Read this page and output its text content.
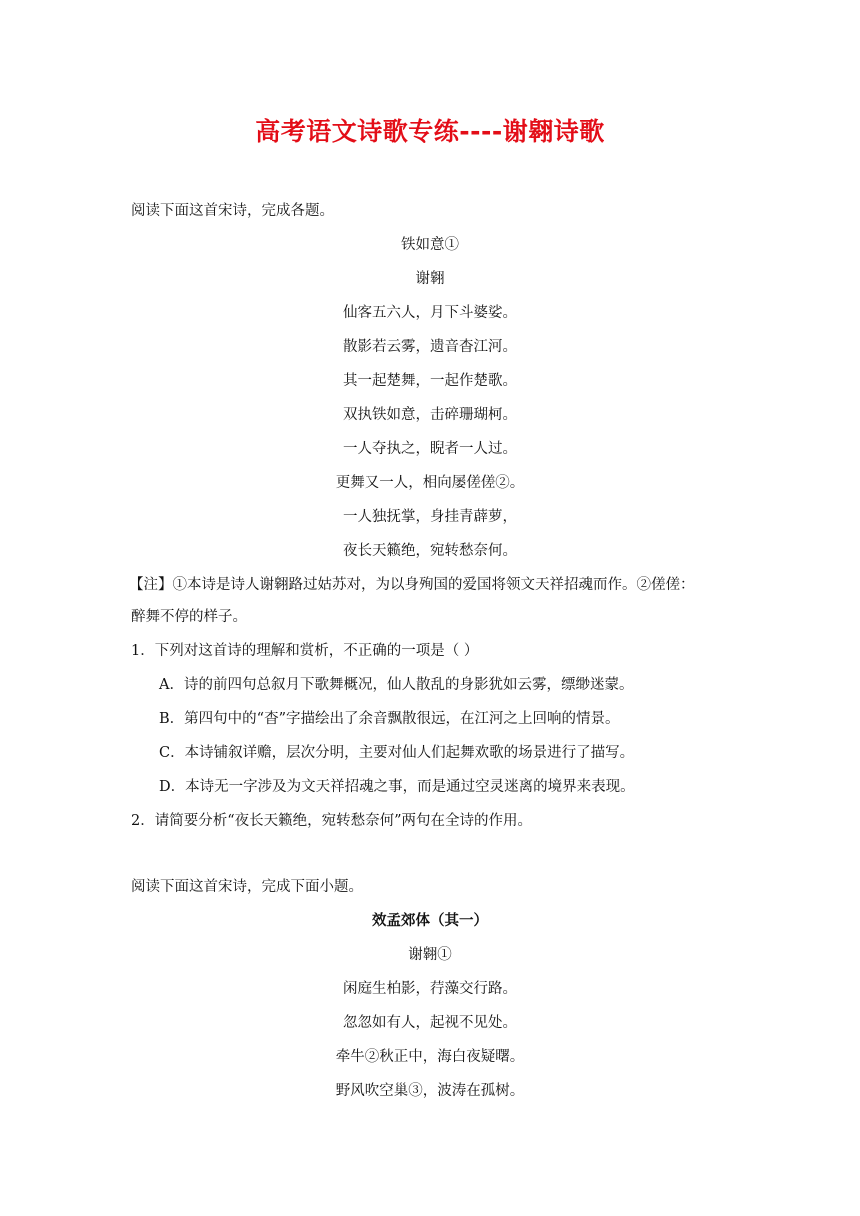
高考语文诗歌专练----谢翱诗歌
阅读下面这首宋诗，完成各题。
铁如意①
谢翱
仙客五六人，月下斗婆娑。
散影若云雾，遗音杳江河。
其一起楚舞，一起作楚歌。
双执铁如意，击碎珊瑚柯。
一人夺执之，睨者一人过。
更舞又一人，相向屡傞傞②。
一人独抚掌，身挂青薜萝，
夜长天籁绝，宛转愁奈何。
【注】①本诗是诗人谢翱路过姑苏对，为以身殉国的爱国将领文天祥招魂而作。②傞傞：
醉舞不停的样子。
1．下列对这首诗的理解和赏析，不正确的一项是（ ）
A．诗的前四句总叙月下歌舞概况，仙人散乱的身影犹如云雾，缥缈迷蒙。
B．第四句中的“杳”字描绘出了余音飘散很远，在江河之上回响的情景。
C．本诗铺叙详赡，层次分明，主要对仙人们起舞欢歌的场景进行了描写。
D．本诗无一字涉及为文天祥招魂之事，而是通过空灵迷离的境界来表现。
2．请简要分析“夜长天籁绝，宛转愁奈何”两句在全诗的作用。
阅读下面这首宋诗，完成下面小题。
效孟郊体（其一）
谢翱①
闲庭生柏影，荇藻交行路。
忽忽如有人，起视不见处。
牵牛②秋正中，海白夜疑曙。
野风吹空巢③，波涛在孤树。
